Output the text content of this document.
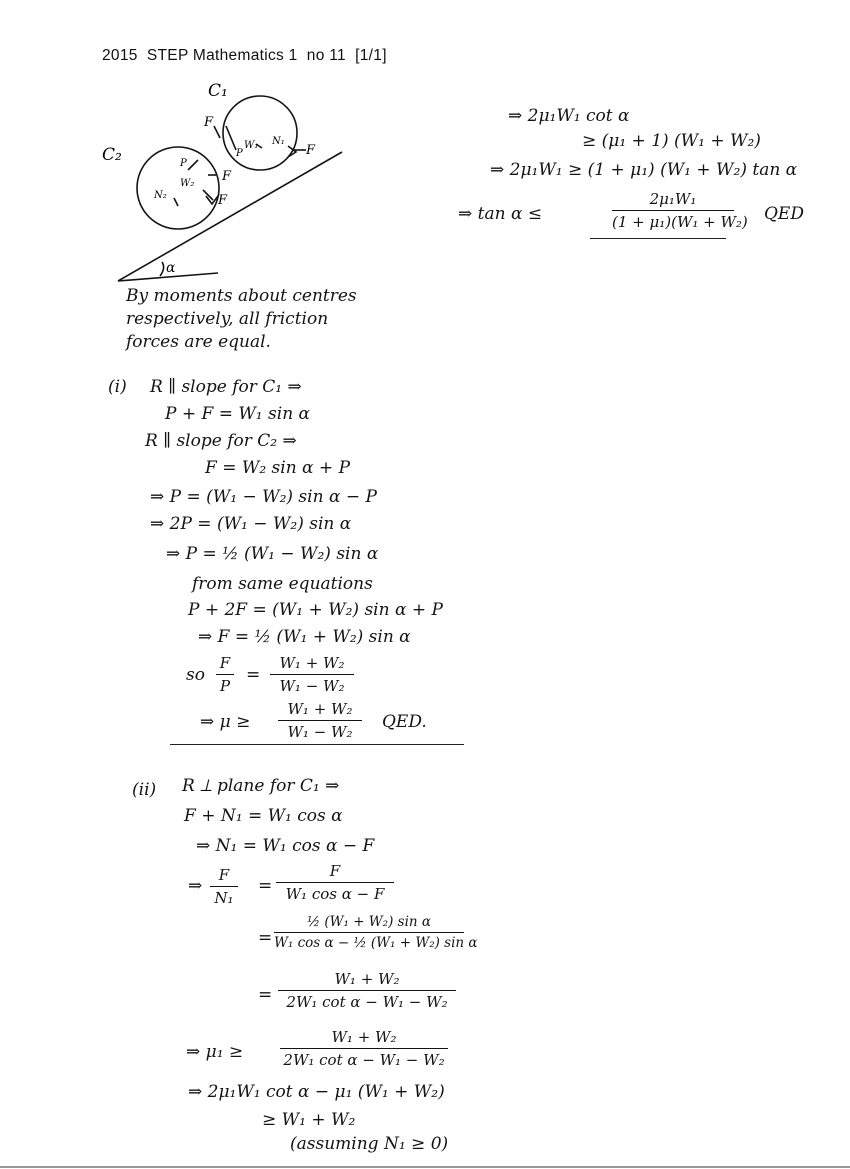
2015  STEP Mathematics 1  no 11  [1/1]
C₁
C₂
F
F
F
F
W₁ N₁
W₂
N₂
P
P
α
By moments about centres
respectively, all friction
forces are equal.
(i) R ∥ slope for C₁ ⇒
P + F = W₁ sin α
R ∥ slope for C₂ ⇒
F = W₂ sin α + P
⇒ P = (W₁ − W₂) sin α − P
⇒ 2P = (W₁ − W₂) sin α
⇒ P = ½ (W₁ − W₂) sin α
from same equations
P + 2F = (W₁ + W₂) sin α + P
⇒ F = ½ (W₁ + W₂) sin α
so
F
P
=
W₁ + W₂
W₁ − W₂
⇒ μ ≥
W₁ + W₂
W₁ − W₂	QED.
(ii) R ⟂ plane for C₁ ⇒
F + N₁ = W₁ cos α
⇒ N₁ = W₁ cos α − F
⇒
F
N₁
=
F
W₁ cos α − F
=
½ (W₁ + W₂) sin α
W₁ cos α − ½ (W₁ + W₂) sin α
=
W₁ + W₂
2W₁ cot α − W₁ − W₂
⇒ μ₁ ≥
W₁ + W₂
2W₁ cot α − W₁ − W₂
⇒ 2μ₁W₁ cot α − μ₁ (W₁ + W₂)
≥ W₁ + W₂
(assuming N₁ ≥ 0)
⇒ 2μ₁W₁ cot α
≥ (μ₁ + 1) (W₁ + W₂)
⇒ 2μ₁W₁ ≥ (1 + μ₁) (W₁ + W₂) tan α
⇒ tan α ≤
2μ₁W₁
(1 + μ₁)(W₁ + W₂) QED
